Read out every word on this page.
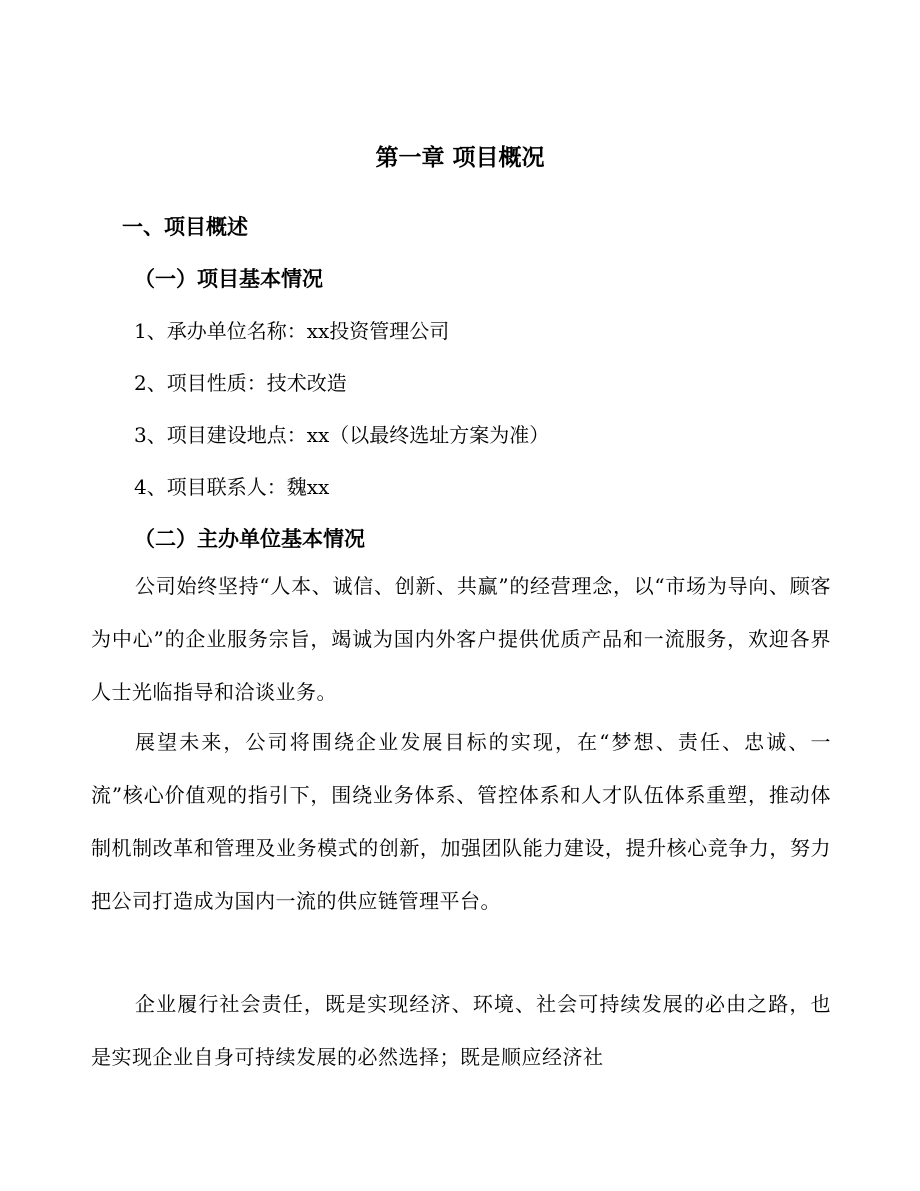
第一章 项目概况
一、项目概述
（一）项目基本情况

1、承办单位名称：xx投资管理公司

2、项目性质：技术改造

3、项目建设地点：xx（以最终选址方案为准）

4、项目联系人：魏xx

（二）主办单位基本情况

公司始终坚持“人本、诚信、创新、共赢”的经营理念，以“市场为导向、顾客为中心”的企业服务宗旨，竭诚为国内外客户提供优质产品和一流服务，欢迎各界人士光临指导和洽谈业务。

展望未来，公司将围绕企业发展目标的实现，在“梦想、责任、忠诚、一流”核心价值观的指引下，围绕业务体系、管控体系和人才队伍体系重塑，推动体制机制改革和管理及业务模式的创新，加强团队能力建设，提升核心竞争力，努力把公司打造成为国内一流的供应链管理平台。

企业履行社会责任，既是实现经济、环境、社会可持续发展的必由之路，也是实现企业自身可持续发展的必然选择；既是顺应经济社
